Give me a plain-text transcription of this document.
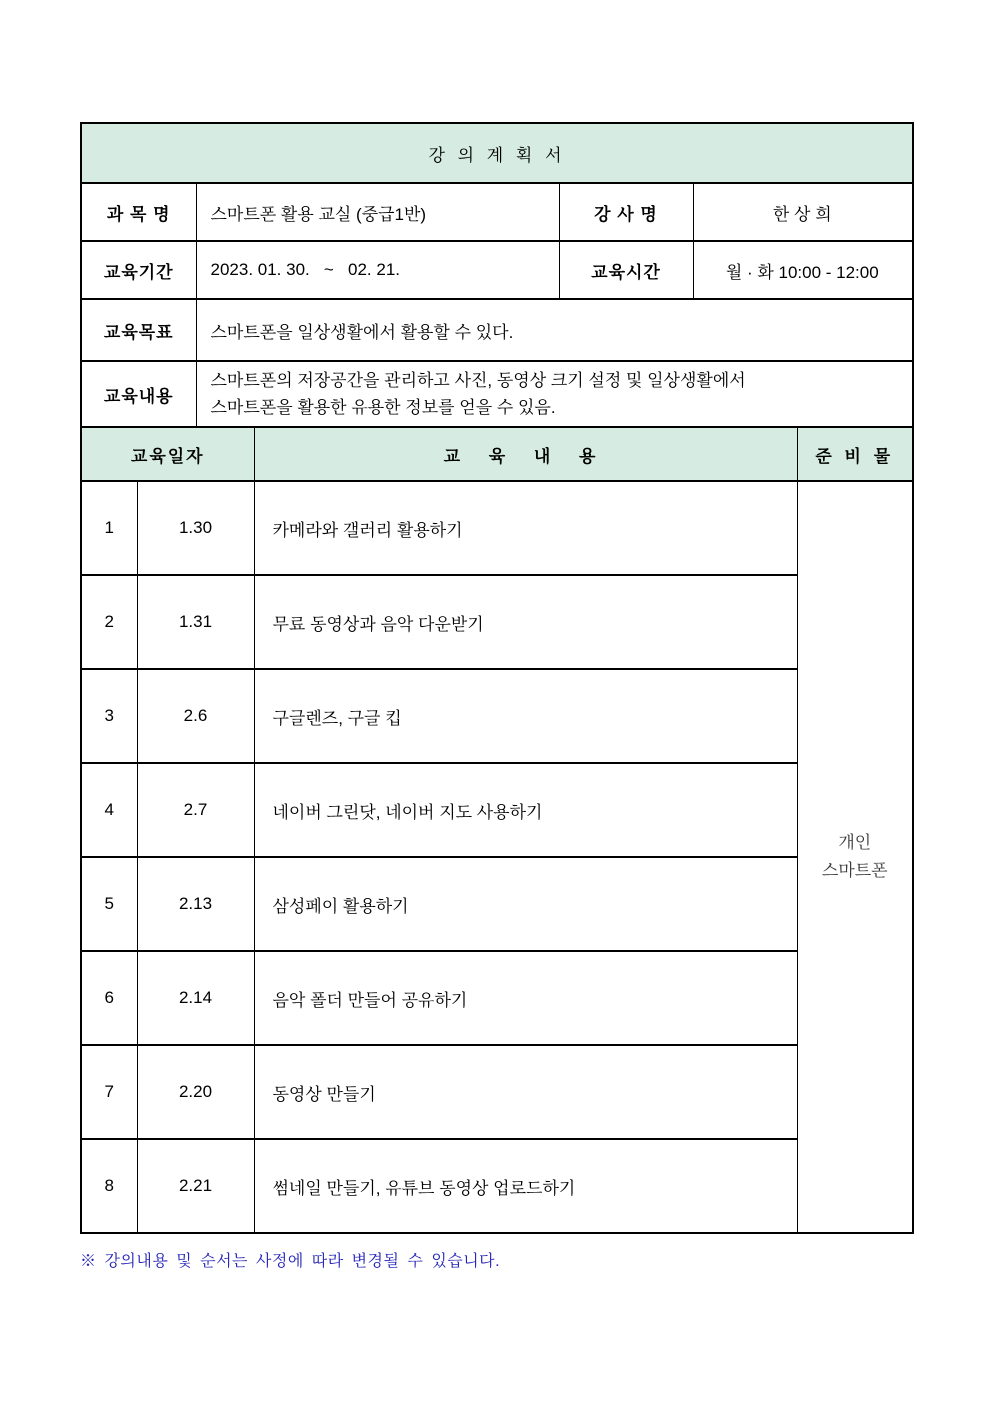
강 의 계 획 서						
과 목 명		스마트폰 활용 교실 (중급1반)		강 사 명	한 상 희	
교육기간		2023. 01. 30.   ~   02. 21.		교육시간	월 · 화 10:00 - 12:00	
교육목표		스마트폰을 일상생활에서 활용할 수 있다.				
교육내용		스마트폰의 저장공간을 관리하고 사진, 동영상 크기 설정 및 일상생활에서
스마트폰을 활용한 유용한 정보를 얻을 수 있음.				

교육일자			교 육 내 용			준 비 물
1	1.30		카메라와 갤러리 활용하기			개인
스마트폰

2	1.31		무료 동영상과 음악 다운받기			
3	2.6		구글렌즈, 구글 킵			
4	2.7		네이버 그린닷, 네이버 지도 사용하기			
5	2.13		삼성페이 활용하기			
6	2.14		음악 폴더 만들어 공유하기			
7	2.20		동영상 만들기			
8	2.21		썸네일 만들기, 유튜브 동영상 업로드하기			
※ 강의내용 및 순서는 사정에 따라 변경될 수 있습니다.
